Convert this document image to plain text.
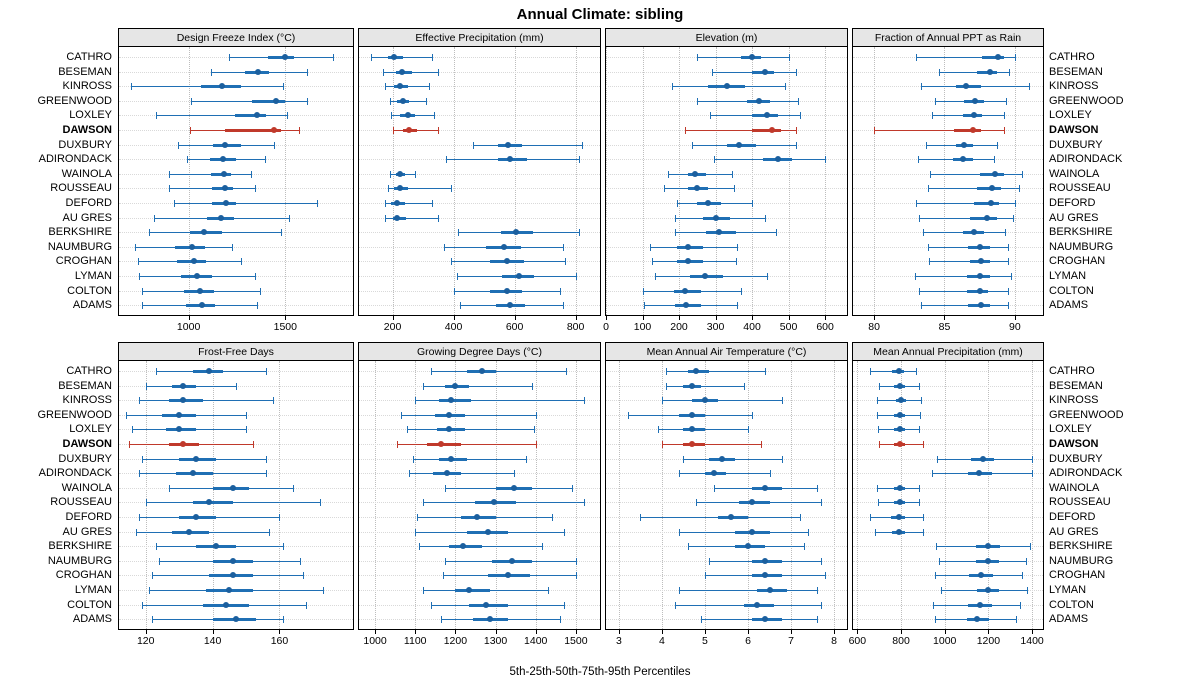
Annual Climate: sibling
Design Freeze Index (°C)
1000	1500
Effective Precipitation (mm)
200	400	600	800
Elevation (m)
0 100 200 300 400 500 600
Fraction of Annual PPT as Rain
80	85	90
Frost-Free Days
120	140	160
Growing Degree Days (°C)
1000 1100 1200 1300 1400 1500
Mean Annual Air Temperature (°C)
3	4	5	6	7	8
Mean Annual Precipitation (mm)
600 800 1000 1200 1400
CATHRO	CATHRO
BESEMAN	BESEMAN
KINROSS	KINROSS
GREENWOOD	GREENWOOD
LOXLEY	LOXLEY
DAWSON	DAWSON
DUXBURY	DUXBURY
ADIRONDACK	ADIRONDACK
WAINOLA	WAINOLA
ROUSSEAU	ROUSSEAU
DEFORD	DEFORD
AU GRES	AU GRES
BERKSHIRE	BERKSHIRE
NAUMBURG	NAUMBURG
CROGHAN	CROGHAN
LYMAN	LYMAN
COLTON	COLTON
ADAMS	ADAMS
CATHRO	CATHRO
BESEMAN	BESEMAN
KINROSS	KINROSS
GREENWOOD	GREENWOOD
LOXLEY	LOXLEY
DAWSON	DAWSON
DUXBURY	DUXBURY
ADIRONDACK	ADIRONDACK
WAINOLA	WAINOLA
ROUSSEAU	ROUSSEAU
DEFORD	DEFORD
AU GRES	AU GRES
BERKSHIRE	BERKSHIRE
NAUMBURG	NAUMBURG
CROGHAN	CROGHAN
LYMAN	LYMAN
COLTON	COLTON
ADAMS	ADAMS
5th-25th-50th-75th-95th Percentiles
